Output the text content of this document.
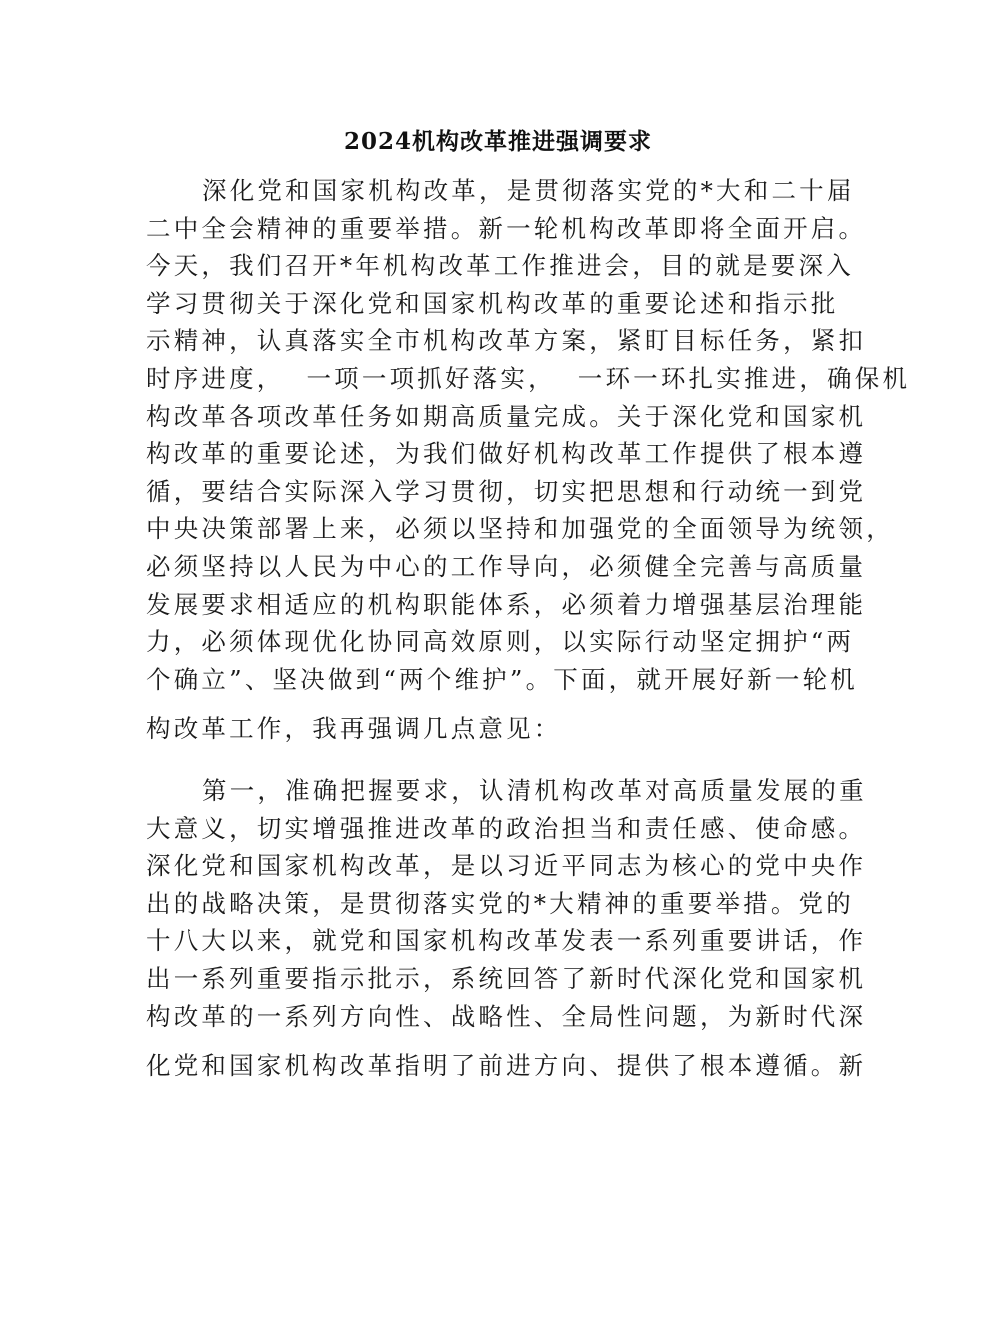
2024机构改革推进强调要求
深化党和国家机构改革，是贯彻落实党的*大和二十届
二中全会精神的重要举措。新一轮机构改革即将全面开启。
今天，我们召开*年机构改革工作推进会，目的就是要深入
学习贯彻关于深化党和国家机构改革的重要论述和指示批
示精神，认真落实全市机构改革方案，紧盯目标任务，紧扣
时序进度，  一项一项抓好落实，  一环一环扎实推进，确保机
构改革各项改革任务如期高质量完成。关于深化党和国家机
构改革的重要论述，为我们做好机构改革工作提供了根本遵
循，要结合实际深入学习贯彻，切实把思想和行动统一到党
中央决策部署上来，必须以坚持和加强党的全面领导为统领，
必须坚持以人民为中心的工作导向，必须健全完善与高质量
发展要求相适应的机构职能体系，必须着力增强基层治理能
力，必须体现优化协同高效原则，以实际行动坚定拥护“两
个确立”、坚决做到“两个维护”。下面，就开展好新一轮机
构改革工作，我再强调几点意见：
第一，准确把握要求，认清机构改革对高质量发展的重
大意义，切实增强推进改革的政治担当和责任感、使命感。
深化党和国家机构改革，是以习近平同志为核心的党中央作
出的战略决策，是贯彻落实党的*大精神的重要举措。党的
十八大以来，就党和国家机构改革发表一系列重要讲话，作
出一系列重要指示批示，系统回答了新时代深化党和国家机
构改革的一系列方向性、战略性、全局性问题，为新时代深
化党和国家机构改革指明了前进方向、提供了根本遵循。新
